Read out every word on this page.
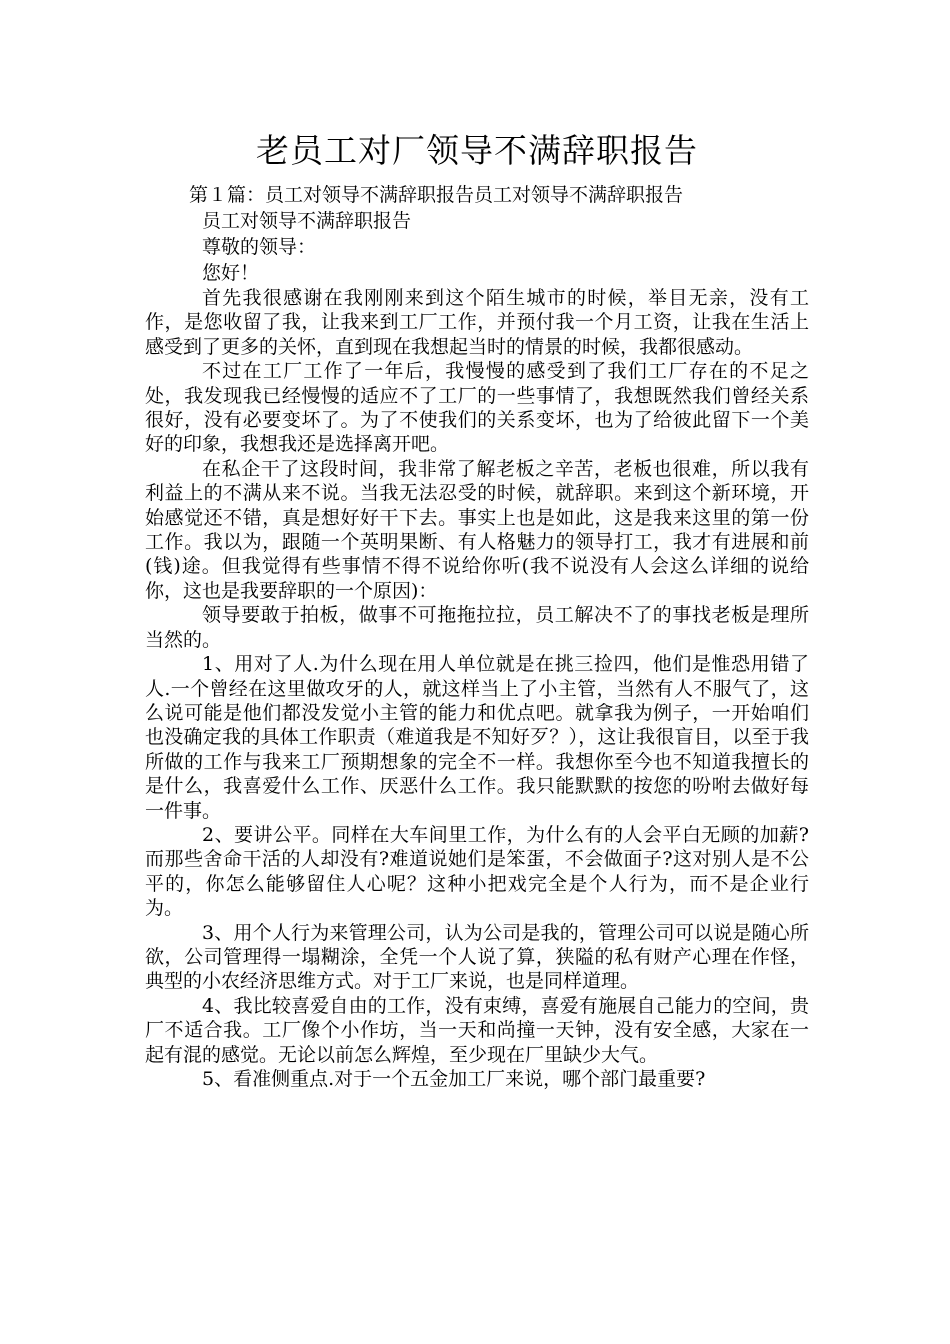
老员工对厂领导不满辞职报告

第１篇：员工对领导不满辞职报告员工对领导不满辞职报告

员工对领导不满辞职报告

尊敬的领导：

您好！

首先我很感谢在我刚刚来到这个陌生城市的时候，举目无亲，没有工作，是您收留了我，让我来到工厂工作，并预付我一个月工资，让我在生活上感受到了更多的关怀，直到现在我想起当时的情景的时候，我都很感动。

不过在工厂工作了一年后，我慢慢的感受到了我们工厂存在的不足之处，我发现我已经慢慢的适应不了工厂的一些事情了，我想既然我们曾经关系很好，没有必要变坏了。为了不使我们的关系变坏，也为了给彼此留下一个美好的印象，我想我还是选择离开吧。

在私企干了这段时间，我非常了解老板之辛苦，老板也很难，所以我有利益上的不满从来不说。当我无法忍受的时候，就辞职。来到这个新环境，开始感觉还不错，真是想好好干下去。事实上也是如此，这是我来这里的第一份工作。我以为，跟随一个英明果断、有人格魅力的领导打工，我才有进展和前(钱)途。但我觉得有些事情不得不说给你听(我不说没有人会这么详细的说给你，这也是我要辞职的一个原因)：

领导要敢于拍板，做事不可拖拖拉拉，员工解决不了的事找老板是理所当然的。

1、用对了人.为什么现在用人单位就是在挑三捡四，他们是惟恐用错了人.一个曾经在这里做攻牙的人，就这样当上了小主管，当然有人不服气了，这么说可能是他们都没发觉小主管的能力和优点吧。就拿我为例子，一开始咱们也没确定我的具体工作职责（难道我是不知好歹？），这让我很盲目，以至于我所做的工作与我来工厂预期想象的完全不一样。我想你至今也不知道我擅长的是什么，我喜爱什么工作、厌恶什么工作。我只能默默的按您的吩咐去做好每一件事。

2、要讲公平。同样在大车间里工作，为什么有的人会平白无顾的加薪?而那些舍命干活的人却没有?难道说她们是笨蛋，不会做面子?这对别人是不公平的，你怎么能够留住人心呢？这种小把戏完全是个人行为，而不是企业行为。

3、用个人行为来管理公司，认为公司是我的，管理公司可以说是随心所欲，公司管理得一塌糊涂，全凭一个人说了算，狭隘的私有财产心理在作怪，典型的小农经济思维方式。对于工厂来说，也是同样道理。

4、我比较喜爱自由的工作，没有束缚，喜爱有施展自己能力的空间，贵厂不适合我。工厂像个小作坊，当一天和尚撞一天钟，没有安全感，大家在一起有混的感觉。无论以前怎么辉煌，至少现在厂里缺少大气。

5、看准侧重点.对于一个五金加工厂来说，哪个部门最重要?
